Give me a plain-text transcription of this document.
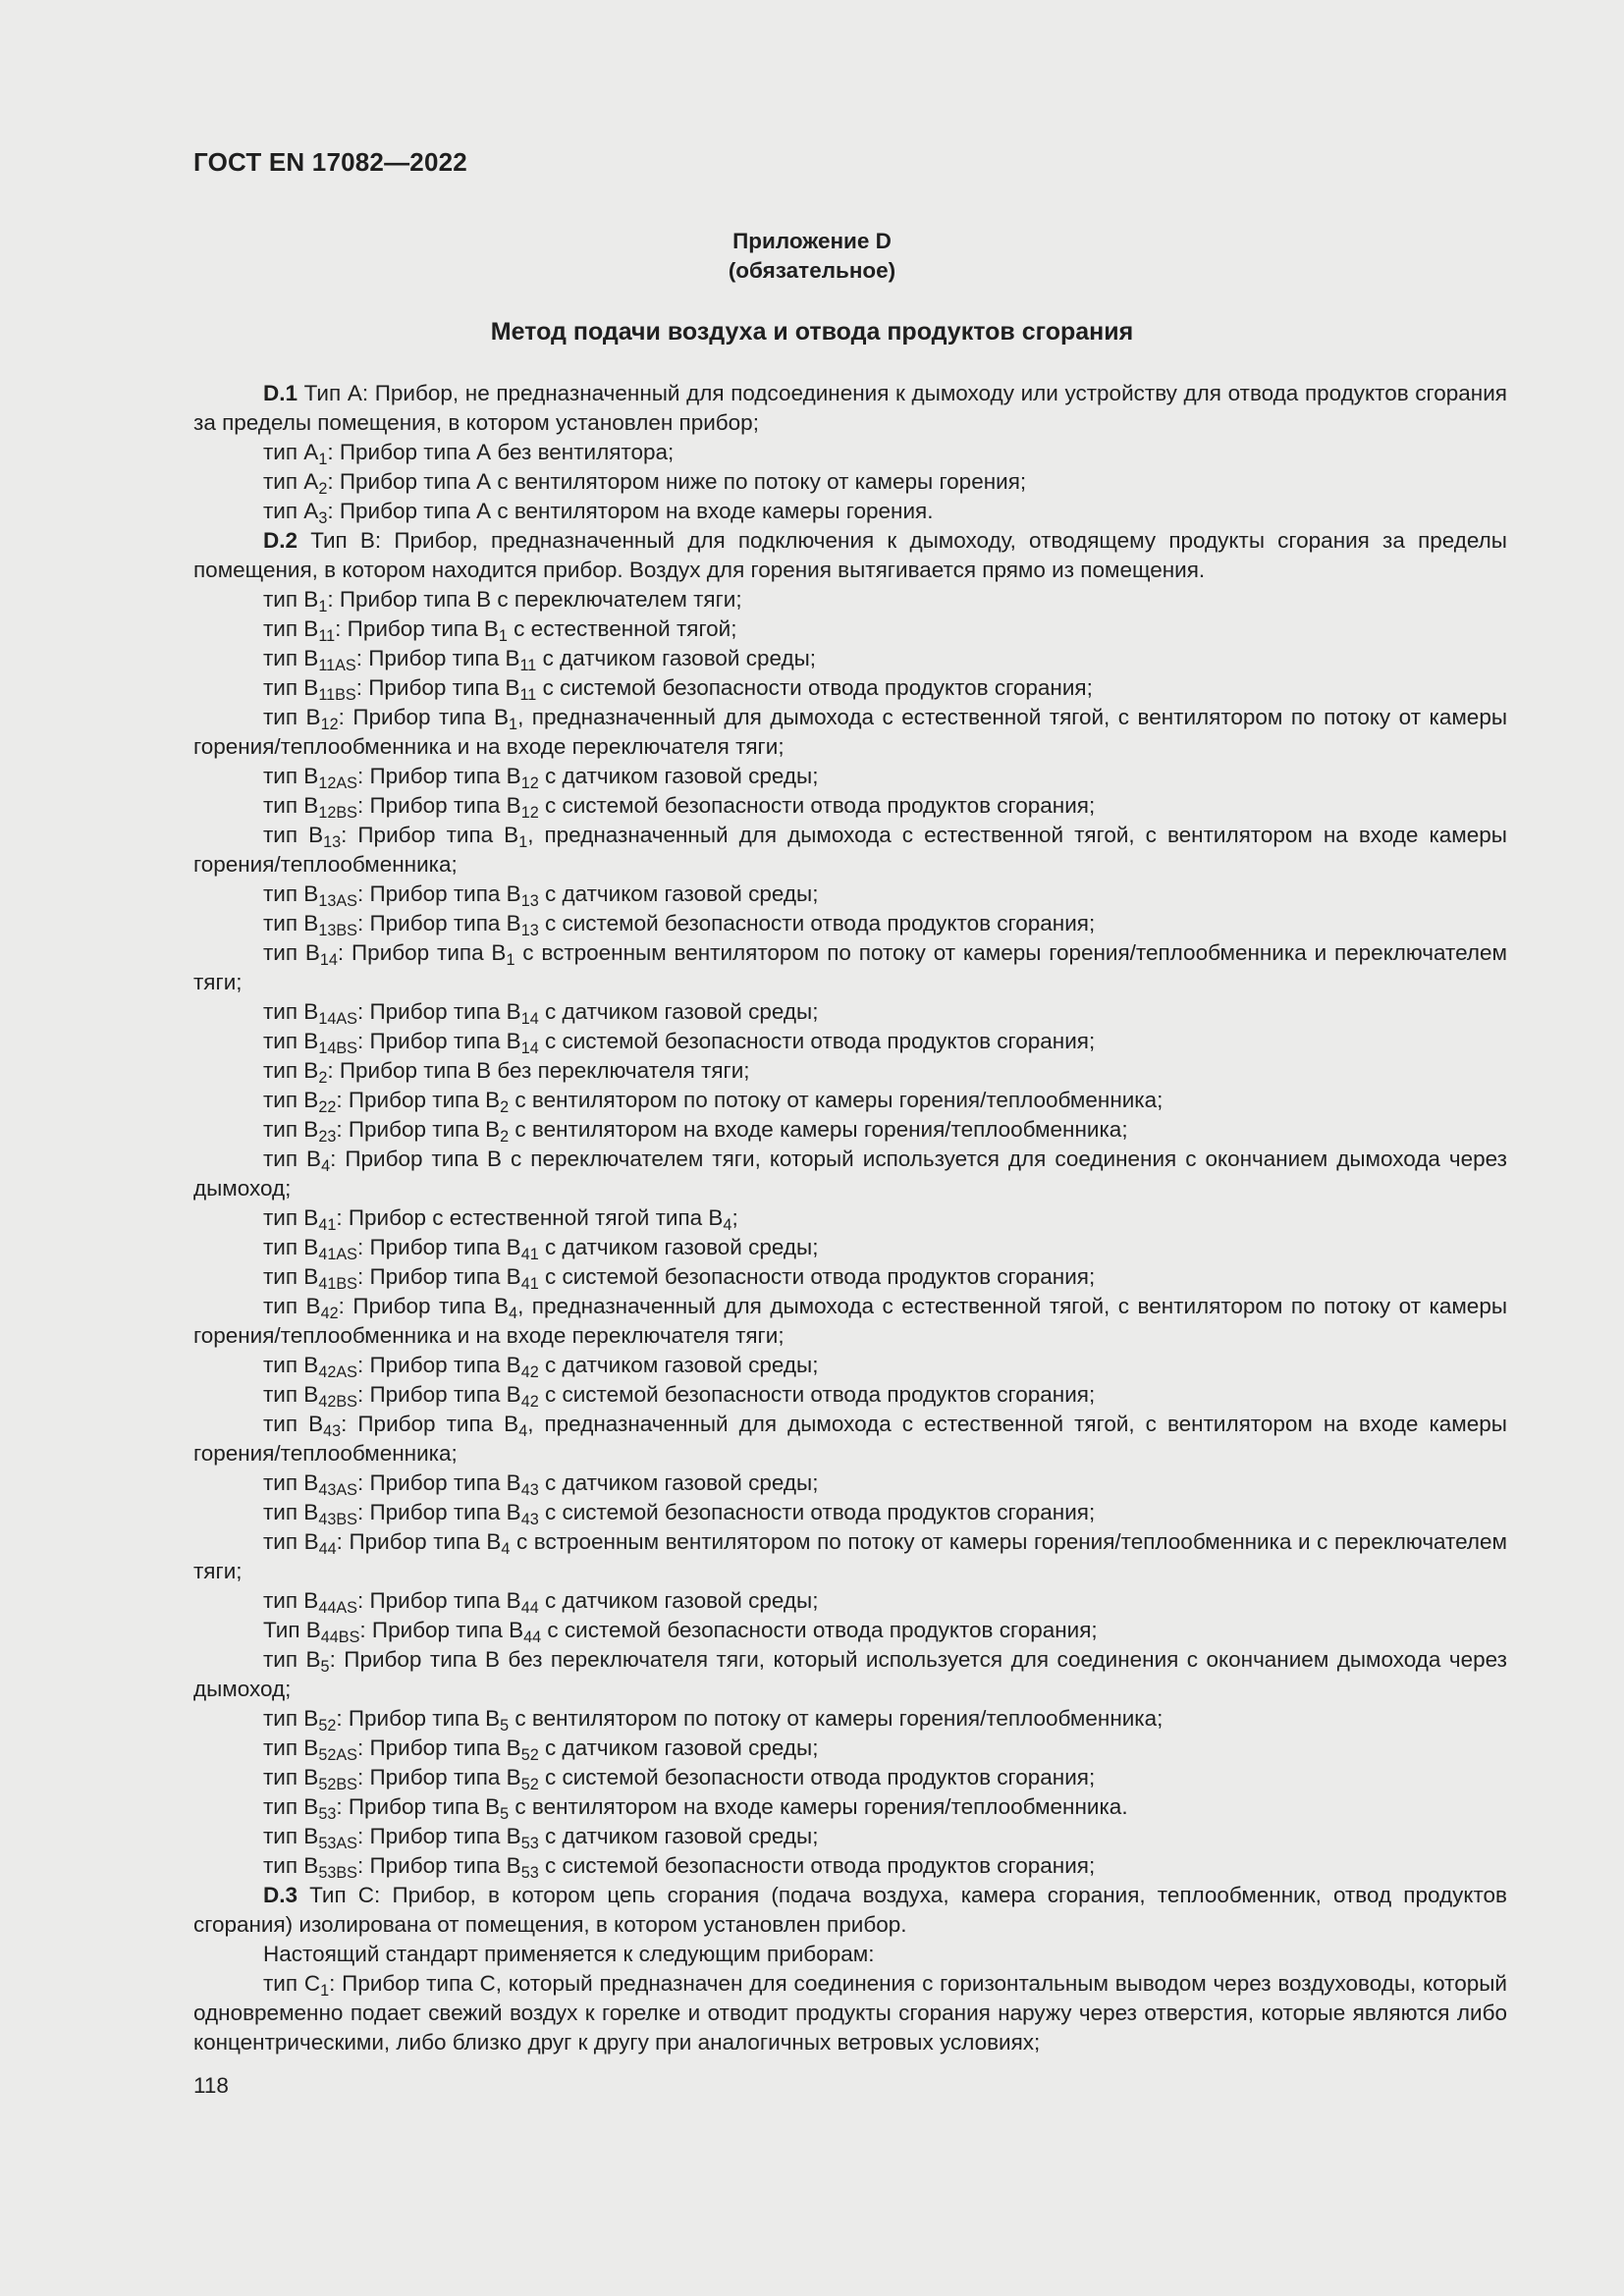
ГОСТ EN 17082—2022
Приложение D
(обязательное)
Метод подачи воздуха и отвода продуктов сгорания

D.1 Тип А: Прибор, не предназначенный для подсоединения к дымоходу или устройству для отвода продуктов сгорания за пределы помещения, в котором установлен прибор;

тип $А_1$: Прибор типа А без вентилятора;

тип $А_2$: Прибор типа А с вентилятором ниже по потоку от камеры горения;

тип $А_3$: Прибор типа А с вентилятором на входе камеры горения.

D.2 Тип В: Прибор, предназначенный для подключения к дымоходу, отводящему продукты сгорания за пределы помещения, в котором находится прибор. Воздух для горения вытягивается прямо из помещения.

тип $В_1$: Прибор типа В с переключателем тяги;

тип $В_{11}$: Прибор типа $В_1$ с естественной тягой;

тип $В_{11AS}$: Прибор типа $В_{11}$ с датчиком газовой среды;

тип $В_{11BS}$: Прибор типа $В_{11}$ с системой безопасности отвода продуктов сгорания;

тип $В_{12}$: Прибор типа $В_1$, предназначенный для дымохода с естественной тягой, с вентилятором по потоку от камеры горения/теплообменника и на входе переключателя тяги;

тип $В_{12AS}$: Прибор типа $В_{12}$ с датчиком газовой среды;

тип $В_{12BS}$: Прибор типа $В_{12}$ с системой безопасности отвода продуктов сгорания;

тип $В_{13}$: Прибор типа $В_1$, предназначенный для дымохода с естественной тягой, с вентилятором на входе камеры горения/теплообменника;

тип $В_{13AS}$: Прибор типа $В_{13}$ с датчиком газовой среды;

тип $В_{13BS}$: Прибор типа $В_{13}$ с системой безопасности отвода продуктов сгорания;

тип $В_{14}$: Прибор типа $В_1$ с встроенным вентилятором по потоку от камеры горения/теплообменника и переключателем тяги;

тип $В_{14AS}$: Прибор типа $В_{14}$ с датчиком газовой среды;

тип $В_{14BS}$: Прибор типа $В_{14}$ с системой безопасности отвода продуктов сгорания;

тип $В_2$: Прибор типа В без переключателя тяги;

тип $В_{22}$: Прибор типа $В_2$ с вентилятором по потоку от камеры горения/теплообменника;

тип $В_{23}$: Прибор типа $В_2$ с вентилятором на входе камеры горения/теплообменника;

тип $В_4$: Прибор типа В с переключателем тяги, который используется для соединения с окончанием дымохода через дымоход;

тип $В_{41}$: Прибор с естественной тягой типа $В_4$;

тип $В_{41AS}$: Прибор типа $В_{41}$ с датчиком газовой среды;

тип $В_{41BS}$: Прибор типа $В_{41}$ с системой безопасности отвода продуктов сгорания;

тип $В_{42}$: Прибор типа $В_4$, предназначенный для дымохода с естественной тягой, с вентилятором по потоку от камеры горения/теплообменника и на входе переключателя тяги;

тип $В_{42AS}$: Прибор типа $В_{42}$ с датчиком газовой среды;

тип $В_{42BS}$: Прибор типа $В_{42}$ с системой безопасности отвода продуктов сгорания;

тип $В_{43}$: Прибор типа $В_4$, предназначенный для дымохода с естественной тягой, с вентилятором на входе камеры горения/теплообменника;

тип $В_{43AS}$: Прибор типа $В_{43}$ с датчиком газовой среды;

тип $В_{43BS}$: Прибор типа $В_{43}$ с системой безопасности отвода продуктов сгорания;

тип $В_{44}$: Прибор типа $В_4$ с встроенным вентилятором по потоку от камеры горения/теплообменника и с переключателем тяги;

тип $В_{44AS}$: Прибор типа $В_{44}$ с датчиком газовой среды;

Тип $В_{44BS}$: Прибор типа $В_{44}$ с системой безопасности отвода продуктов сгорания;

тип $В_5$: Прибор типа В без переключателя тяги, который используется для соединения с окончанием дымохода через дымоход;

тип $В_{52}$: Прибор типа $В_5$ с вентилятором по потоку от камеры горения/теплообменника;

тип $В_{52AS}$: Прибор типа $В_{52}$ с датчиком газовой среды;

тип $В_{52BS}$: Прибор типа $В_{52}$ с системой безопасности отвода продуктов сгорания;

тип $В_{53}$: Прибор типа $В_5$ с вентилятором на входе камеры горения/теплообменника.

тип $В_{53AS}$: Прибор типа $В_{53}$ с датчиком газовой среды;

тип $В_{53BS}$: Прибор типа $В_{53}$ с системой безопасности отвода продуктов сгорания;

D.3 Тип С: Прибор, в котором цепь сгорания (подача воздуха, камера сгорания, теплообменник, отвод продуктов сгорания) изолирована от помещения, в котором установлен прибор.

Настоящий стандарт применяется к следующим приборам:

тип $С_1$: Прибор типа С, который предназначен для соединения с горизонтальным выводом через воздуховоды, который одновременно подает свежий воздух к горелке и отводит продукты сгорания наружу через отверстия, которые являются либо концентрическими, либо близко друг к другу при аналогичных ветровых условиях;

118
